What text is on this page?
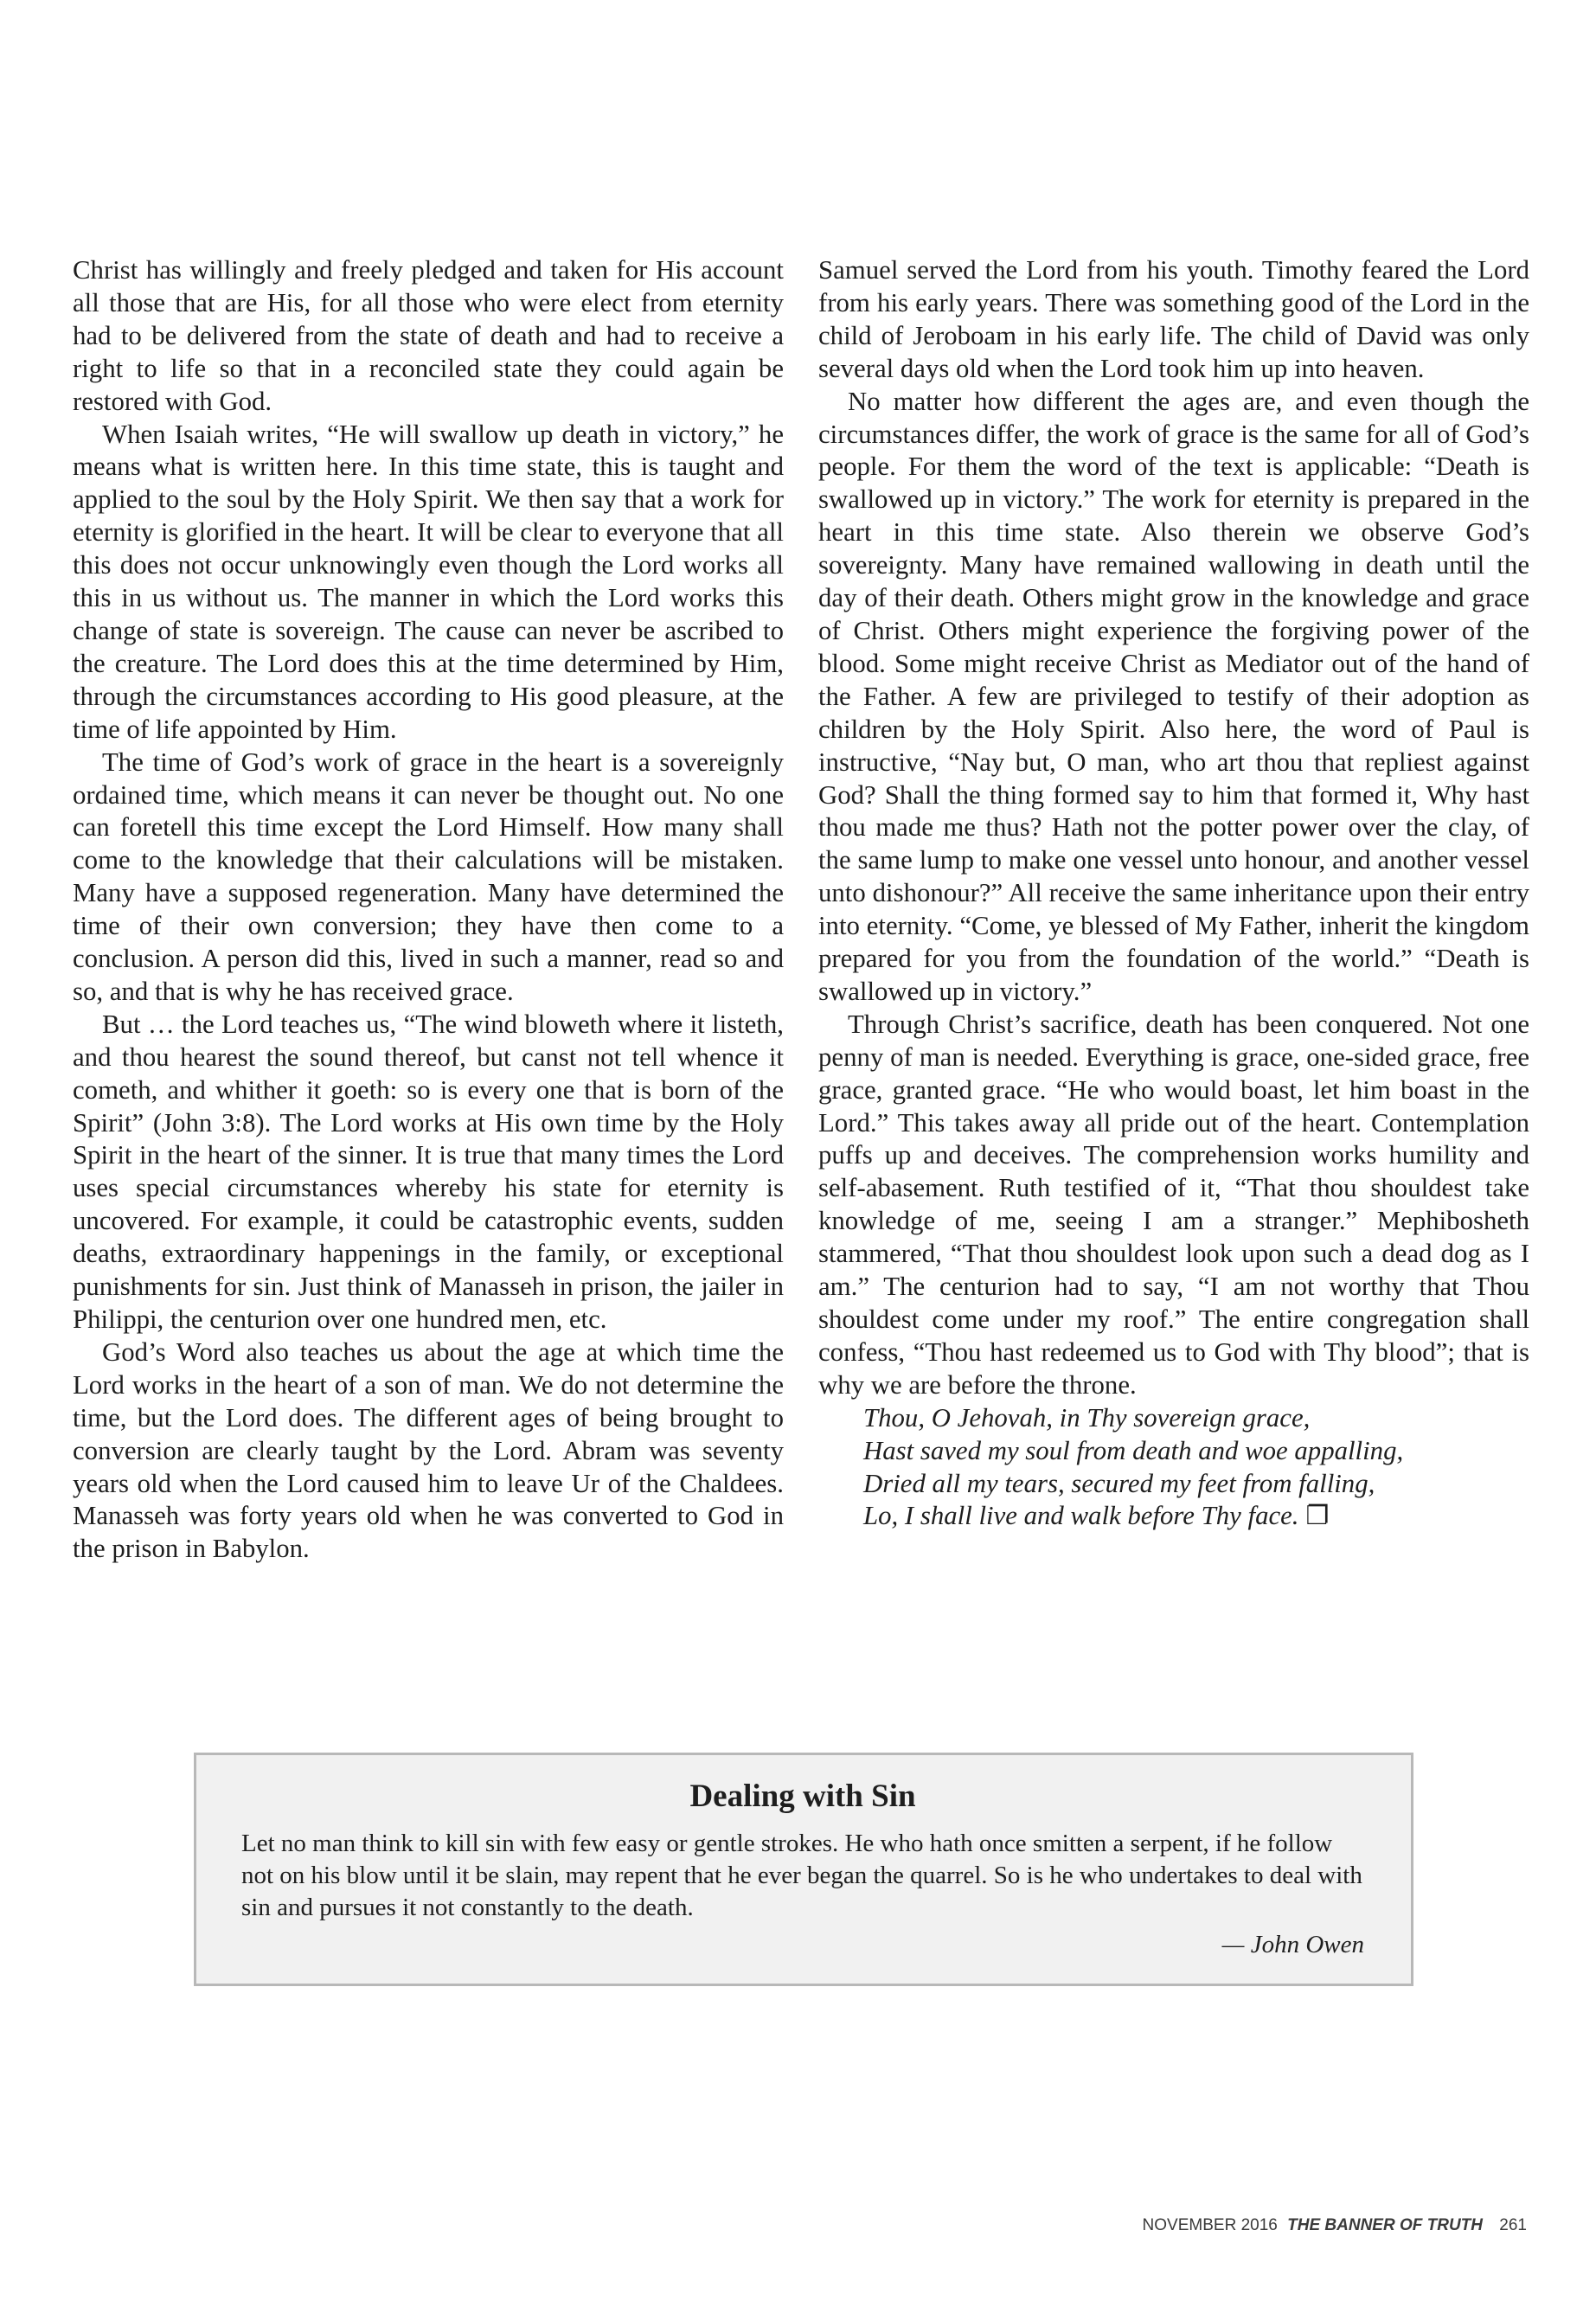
Christ has willingly and freely pledged and taken for His account all those that are His, for all those who were elect from eternity had to be delivered from the state of death and had to receive a right to life so that in a reconciled state they could again be restored with God.

When Isaiah writes, “He will swallow up death in victory,” he means what is written here. In this time state, this is taught and applied to the soul by the Holy Spirit. We then say that a work for eternity is glorified in the heart. It will be clear to everyone that all this does not occur unknowingly even though the Lord works all this in us without us. The manner in which the Lord works this change of state is sovereign. The cause can never be ascribed to the creature. The Lord does this at the time determined by Him, through the circumstances according to His good pleasure, at the time of life appointed by Him.

The time of God’s work of grace in the heart is a sovereignly ordained time, which means it can never be thought out. No one can foretell this time except the Lord Himself. How many shall come to the knowledge that their calculations will be mistaken. Many have a supposed regeneration. Many have determined the time of their own conversion; they have then come to a conclusion. A person did this, lived in such a manner, read so and so, and that is why he has received grace.

But … the Lord teaches us, “The wind bloweth where it listeth, and thou hearest the sound thereof, but canst not tell whence it cometh, and whither it goeth: so is every one that is born of the Spirit” (John 3:8). The Lord works at His own time by the Holy Spirit in the heart of the sinner. It is true that many times the Lord uses special circumstances whereby his state for eternity is uncovered. For example, it could be catastrophic events, sudden deaths, extraordinary happenings in the family, or exceptional punishments for sin. Just think of Manasseh in prison, the jailer in Philippi, the centurion over one hundred men, etc.

God’s Word also teaches us about the age at which time the Lord works in the heart of a son of man. We do not determine the time, but the Lord does. The different ages of being brought to conversion are clearly taught by the Lord. Abram was seventy years old when the Lord caused him to leave Ur of the Chaldees. Manasseh was forty years old when he was converted to God in the prison in Babylon.

Samuel served the Lord from his youth. Timothy feared the Lord from his early years. There was something good of the Lord in the child of Jeroboam in his early life. The child of David was only several days old when the Lord took him up into heaven.

No matter how different the ages are, and even though the circumstances differ, the work of grace is the same for all of God’s people. For them the word of the text is applicable: “Death is swallowed up in victory.” The work for eternity is prepared in the heart in this time state. Also therein we observe God’s sovereignty. Many have remained wallowing in death until the day of their death. Others might grow in the knowledge and grace of Christ. Others might experience the forgiving power of the blood. Some might receive Christ as Mediator out of the hand of the Father. A few are privileged to testify of their adoption as children by the Holy Spirit. Also here, the word of Paul is instructive, “Nay but, O man, who art thou that repliest against God? Shall the thing formed say to him that formed it, Why hast thou made me thus? Hath not the potter power over the clay, of the same lump to make one vessel unto honour, and another vessel unto dishonour?” All receive the same inheritance upon their entry into eternity. “Come, ye blessed of My Father, inherit the kingdom prepared for you from the foundation of the world.” “Death is swallowed up in victory.”

Through Christ’s sacrifice, death has been conquered. Not one penny of man is needed. Everything is grace, one-sided grace, free grace, granted grace. “He who would boast, let him boast in the Lord.” This takes away all pride out of the heart. Contemplation puffs up and deceives. The comprehension works humility and self-abasement. Ruth testified of it, “That thou shouldest take knowledge of me, seeing I am a stranger.” Mephibosheth stammered, “That thou shouldest look upon such a dead dog as I am.” The centurion had to say, “I am not worthy that Thou shouldest come under my roof.” The entire congregation shall confess, “Thou hast redeemed us to God with Thy blood”; that is why we are before the throne.

Thou, O Jehovah, in Thy sovereign grace,
Hast saved my soul from death and woe appalling,
Dried all my tears, secured my feet from falling,
Lo, I shall live and walk before Thy face. ❐
Dealing with Sin

Let no man think to kill sin with few easy or gentle strokes. He who hath once smitten a serpent, if he follow not on his blow until it be slain, may repent that he ever began the quarrel. So is he who undertakes to deal with sin and pursues it not constantly to the death.

— John Owen
NOVEMBER 2016 THE BANNER OF TRUTH 261
